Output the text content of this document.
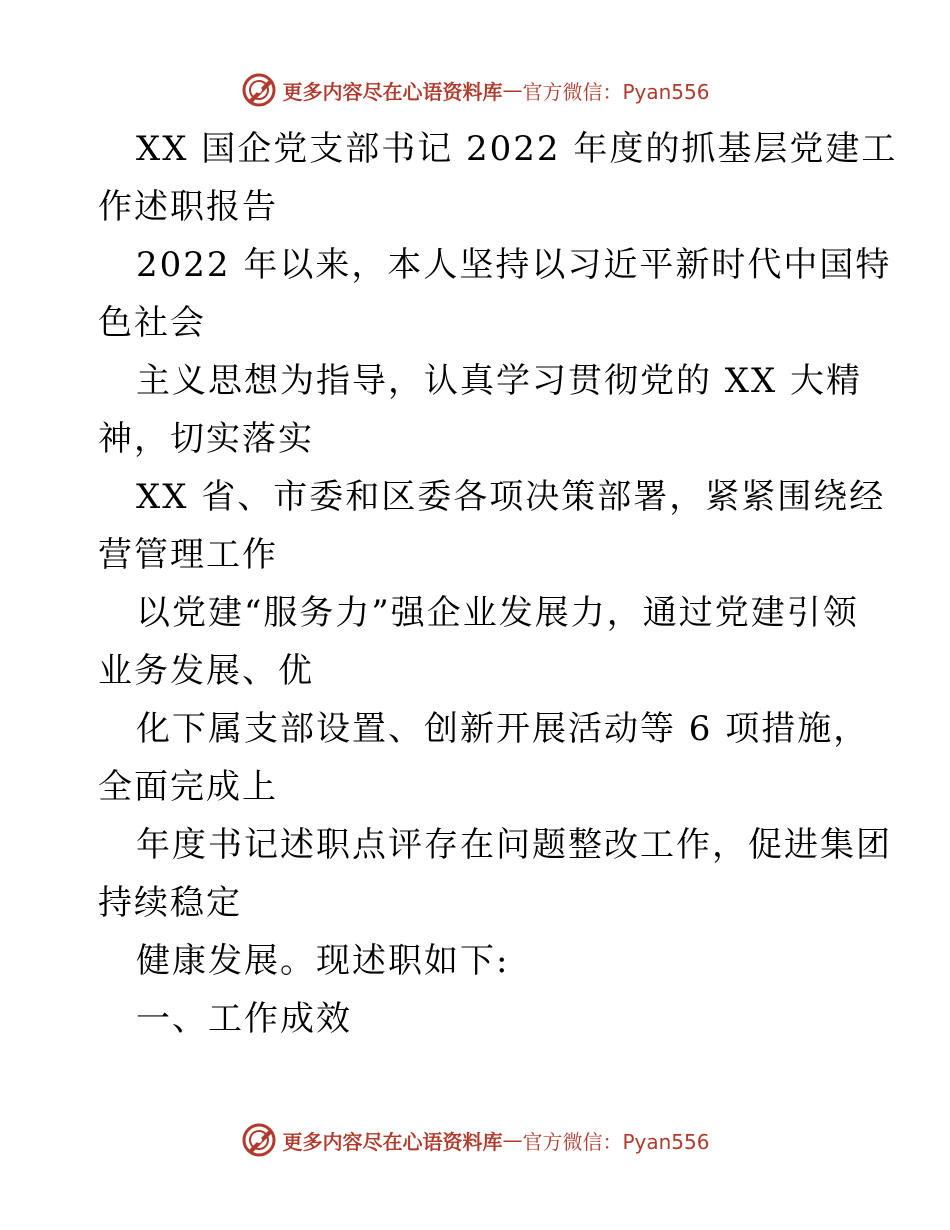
更多内容尽在心语资料库 — 官方微信：Pyan556
XX 国企党支部书记 2022 年度的抓基层党建工
作述职报告
2022 年以来，本人坚持以习近平新时代中国特
色社会
主义思想为指导，认真学习贯彻党的 XX 大精
神，切实落实
XX 省、市委和区委各项决策部署，紧紧围绕经
营管理工作
以党建“服务力”强企业发展力，通过党建引领
业务发展、优
化下属支部设置、创新开展活动等 6 项措施，
全面完成上
年度书记述职点评存在问题整改工作，促进集团
持续稳定
健康发展。现述职如下:
一、工作成效
更多内容尽在心语资料库 — 官方微信：Pyan556
